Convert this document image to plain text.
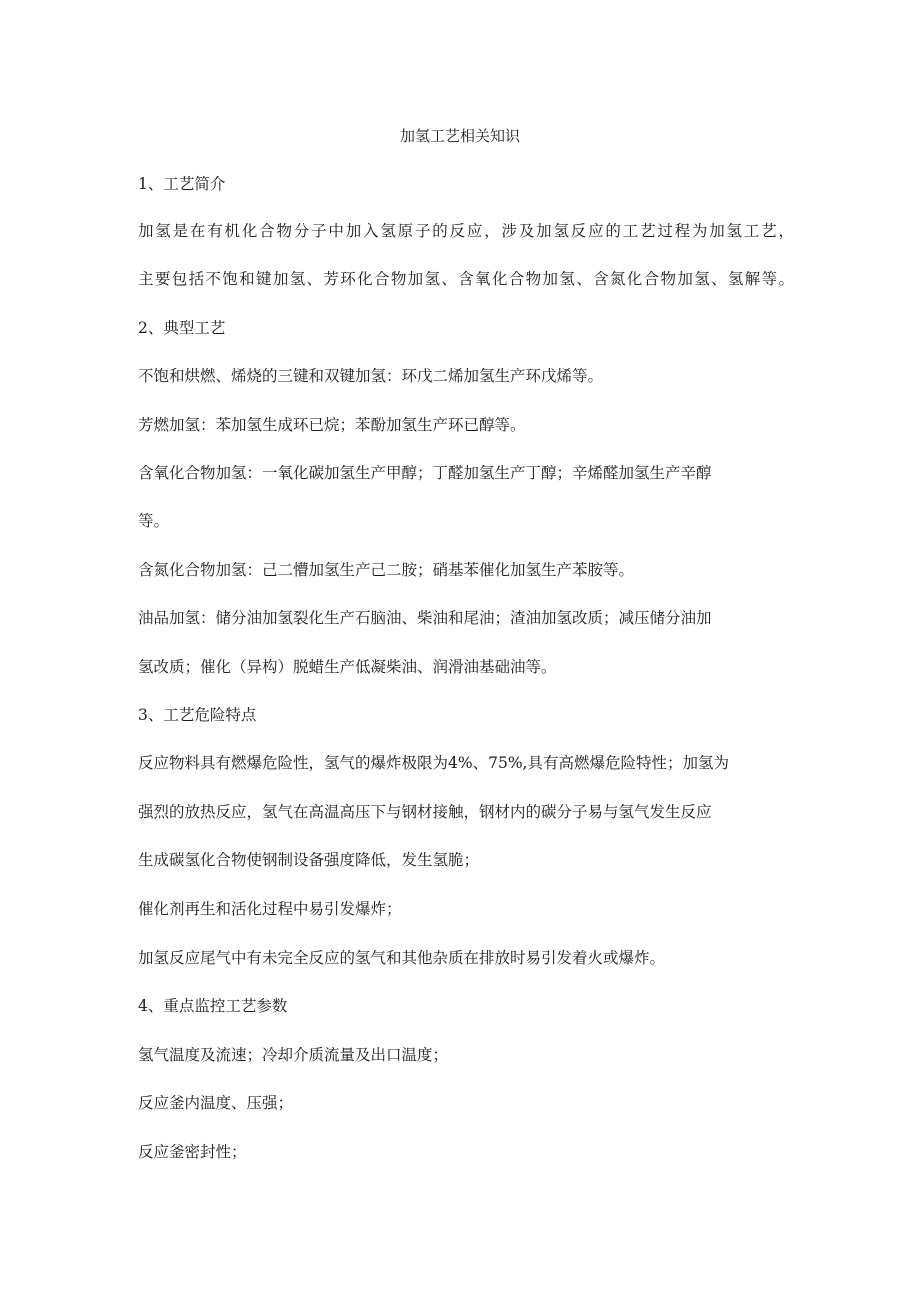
加氢工艺相关知识
1、工艺简介
加氢是在有机化合物分子中加入氢原子的反应，涉及加氢反应的工艺过程为加氢工艺，
主要包括不饱和键加氢、芳环化合物加氢、含氧化合物加氢、含氮化合物加氢、氢解等。
2、典型工艺
不饱和烘燃、烯烧的三键和双键加氢：环戊二烯加氢生产环戊烯等。
芳燃加氢：苯加氢生成环已烷；苯酚加氢生产环已醇等。
含氧化合物加氢：一氧化碳加氢生产甲醇；丁醛加氢生产丁醇；辛烯醛加氢生产辛醇
等。
含氮化合物加氢：己二懵加氢生产己二胺；硝基苯催化加氢生产苯胺等。
油品加氢：储分油加氢裂化生产石脑油、柴油和尾油；渣油加氢改质；减压储分油加
氢改质；催化（异构）脱蜡生产低凝柴油、润滑油基础油等。
3、工艺危险特点
反应物料具有燃爆危险性，氢气的爆炸极限为4%、75%,具有高燃爆危险特性；加氢为
强烈的放热反应，氢气在高温高压下与钢材接触，钢材内的碳分子易与氢气发生反应
生成碳氢化合物使钢制设备强度降低，发生氢脆；
催化剂再生和活化过程中易引发爆炸；
加氢反应尾气中有未完全反应的氢气和其他杂质在排放时易引发着火或爆炸。
4、重点监控工艺参数
氢气温度及流速；冷却介质流量及出口温度；
反应釜内温度、压强；
反应釜密封性；
